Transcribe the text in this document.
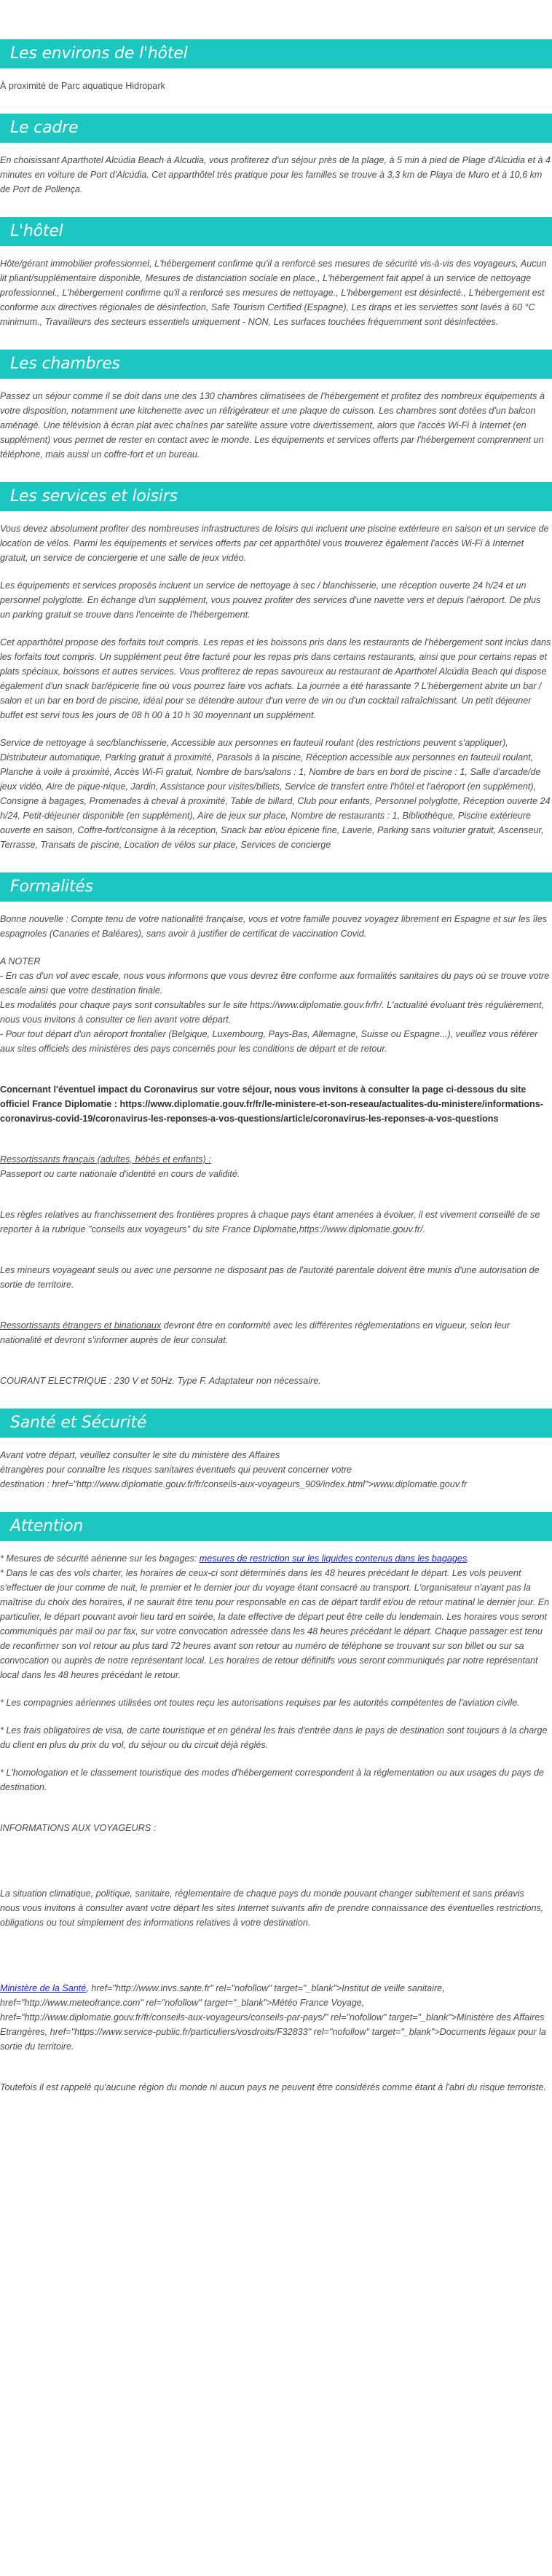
Les environs de l'hôtel

À proximité de Parc aquatique Hidropark

Le cadre

En choisissant Aparthotel Alcúdia Beach à Alcudia, vous profiterez d'un séjour près de la plage, à 5 min à pied de Plage d'Alcúdia et à 4 minutes en voiture de Port d'Alcúdia. Cet apparthôtel très pratique pour les familles se trouve à 3,3 km de Playa de Muro et à 10,6 km de Port de Pollença.

L'hôtel

Hôte/gérant immobilier professionnel, L'hébergement confirme qu'il a renforcé ses mesures de sécurité vis-à-vis des voyageurs, Aucun lit pliant/supplémentaire disponible, Mesures de distanciation sociale en place., L'hébergement fait appel à un service de nettoyage professionnel., L'hébergement confirme qu'il a renforcé ses mesures de nettoyage., L'hébergement est désinfecté., L'hébergement est conforme aux directives régionales de désinfection, Safe Tourism Certified (Espagne), Les draps et les serviettes sont lavés à 60 °C minimum., Travailleurs des secteurs essentiels uniquement - NON, Les surfaces touchées fréquemment sont désinfectées.

Les chambres

Passez un séjour comme il se doit dans une des 130 chambres climatisées de l'hébergement et profitez des nombreux équipements à votre disposition, notamment une kitchenette avec un réfrigérateur et une plaque de cuisson. Les chambres sont dotées d'un balcon aménagé. Une télévision à écran plat avec chaînes par satellite assure votre divertissement, alors que l'accès Wi-Fi à Internet (en supplément) vous permet de rester en contact avec le monde. Les équipements et services offerts par l'hébergement comprennent un téléphone, mais aussi un coffre-fort et un bureau.

Les services et loisirs

Vous devez absolument profiter des nombreuses infrastructures de loisirs qui incluent une piscine extérieure en saison et un service de location de vélos. Parmi les équipements et services offerts par cet apparthôtel vous trouverez également l'accès Wi-Fi à Internet gratuit, un service de conciergerie et une salle de jeux vidéo.

Les équipements et services proposés incluent un service de nettoyage à sec / blanchisserie, une réception ouverte 24 h/24 et un personnel polyglotte. En échange d'un supplément, vous pouvez profiter des services d'une navette vers et depuis l'aéroport. De plus un parking gratuit se trouve dans l'enceinte de l'hébergement.

Cet apparthôtel propose des forfaits tout compris. Les repas et les boissons pris dans les restaurants de l'hébergement sont inclus dans les forfaits tout compris. Un supplément peut être facturé pour les repas pris dans certains restaurants, ainsi que pour certains repas et plats spéciaux, boissons et autres services. Vous profiterez de repas savoureux au restaurant de Aparthotel Alcúdia Beach qui dispose également d'un snack bar/épicerie fine où vous pourrez faire vos achats. La journée a été harassante ? L'hébergement abrite un bar / salon et un bar en bord de piscine, idéal pour se détendre autour d'un verre de vin ou d'un cocktail rafraîchissant. Un petit déjeuner buffet est servi tous les jours de 08 h 00 à 10 h 30 moyennant un supplément.

Service de nettoyage à sec/blanchisserie, Accessible aux personnes en fauteuil roulant (des restrictions peuvent s'appliquer), Distributeur automatique, Parking gratuit à proximité, Parasols à la piscine, Réception accessible aux personnes en fauteuil roulant, Planche à voile à proximité, Accès Wi-Fi gratuit, Nombre de bars/salons : 1, Nombre de bars en bord de piscine : 1, Salle d'arcade/de jeux vidéo, Aire de pique-nique, Jardin, Assistance pour visites/billets, Service de transfert entre l'hôtel et l'aéroport (en supplément), Consigne à bagages, Promenades à cheval à proximité, Table de billard, Club pour enfants, Personnel polyglotte, Réception ouverte 24 h/24, Petit-déjeuner disponible (en supplément), Aire de jeux sur place, Nombre de restaurants : 1, Bibliothèque, Piscine extérieure ouverte en saison, Coffre-fort/consigne à la réception, Snack bar et/ou épicerie fine, Laverie, Parking sans voiturier gratuit, Ascenseur, Terrasse, Transats de piscine, Location de vélos sur place, Services de concierge

Formalités

Bonne nouvelle : Compte tenu de votre nationalité française, vous et votre famille pouvez voyagez librement en Espagne et sur les îles espagnoles (Canaries et Baléares), sans avoir à justifier de certificat de vaccination Covid.

A NOTER

- En cas d'un vol avec escale, nous vous informons que vous devrez être conforme aux formalités sanitaires du pays où se trouve votre escale ainsi que votre destination finale.

Les modalités pour chaque pays sont consultables sur le site https://www.diplomatie.gouv.fr/fr/. L'actualité évoluant très régulièrement, nous vous invitons à consulter ce lien avant votre départ.

- Pour tout départ d'un aéroport frontalier (Belgique, Luxembourg, Pays-Bas, Allemagne, Suisse ou Espagne...), veuillez vous référer aux sites officiels des ministères des pays concernés pour les conditions de départ et de retour.

Concernant l'éventuel impact du Coronavirus sur votre séjour, nous vous invitons à consulter la page ci-dessous du site officiel France Diplomatie : https://www.diplomatie.gouv.fr/fr/le-ministere-et-son-reseau/actualites-du-ministere/informations-coronavirus-covid-19/coronavirus-les-reponses-a-vos-questions/article/coronavirus-les-reponses-a-vos-questions

Ressortissants français (adultes, bébés et enfants) :

Passeport ou carte nationale d'identité en cours de validité.

Les règles relatives au franchissement des frontières propres à chaque pays étant amenées à évoluer, il est vivement conseillé de se reporter à la rubrique "conseils aux voyageurs" du site France Diplomatie,https://www.diplomatie.gouv.fr/.

Les mineurs voyageant seuls ou avec une personne ne disposant pas de l'autorité parentale doivent être munis d'une autorisation de sortie de territoire.

Ressortissants étrangers et binationaux devront être en conformité avec les différentes réglementations en vigueur, selon leur nationalité et devront s'informer auprès de leur consulat.

COURANT ELECTRIQUE : 230 V et 50Hz. Type F. Adaptateur non nécessaire.

Santé et Sécurité

Avant votre départ, veuillez consulter le site du ministère des Affaires

étrangères pour connaître les risques sanitaires éventuels qui peuvent concerner votre

destination : href="http://www.diplomatie.gouv.fr/fr/conseils-aux-voyageurs_909/index.html">www.diplomatie.gouv.fr

Attention

* Mesures de sécurité aérienne sur les bagages: mesures de restriction sur les liquides contenus dans les bagages.

* Dans le cas des vols charter, les horaires de ceux-ci sont déterminés dans les 48 heures précédant le départ. Les vols peuvent s'effectuer de jour comme de nuit, le premier et le dernier jour du voyage étant consacré au transport. L'organisateur n'ayant pas la maîtrise du choix des horaires, il ne saurait être tenu pour responsable en cas de départ tardif et/ou de retour matinal le dernier jour. En particulier, le départ pouvant avoir lieu tard en soirée, la date effective de départ peut être celle du lendemain. Les horaires vous seront communiqués par mail ou par fax, sur votre convocation adressée dans les 48 heures précédant le départ. Chaque passager est tenu de reconfirmer son vol retour au plus tard 72 heures avant son retour au numéro de téléphone se trouvant sur son billet ou sur sa convocation ou auprès de notre représentant local. Les horaires de retour définitifs vous seront communiqués par notre représentant local dans les 48 heures précédant le retour.

* Les compagnies aériennes utilisées ont toutes reçu les autorisations requises par les autorités compétentes de l'aviation civile.

* Les frais obligatoires de visa, de carte touristique et en général les frais d'entrée dans le pays de destination sont toujours à la charge du client en plus du prix du vol, du séjour ou du circuit déjà réglés.

* L'homologation et le classement touristique des modes d'hébergement correspondent à la réglementation ou aux usages du pays de destination.

INFORMATIONS AUX VOYAGEURS :

La situation climatique, politique, sanitaire, réglementaire de chaque pays du monde pouvant changer subitement et sans préavis

nous vous invitons à consulter avant votre départ les sites Internet suivants afin de prendre connaissance des éventuelles restrictions, obligations ou tout simplement des informations relatives à votre destination.

Ministère de la Santé, href="http://www.invs.sante.fr" rel="nofollow" target="_blank">Institut de veille sanitaire, href="http://www.meteofrance.com" rel="nofollow" target="_blank">Météo France Voyage, href="http://www.diplomatie.gouv.fr/fr/conseils-aux-voyageurs/conseils-par-pays/" rel="nofollow" target="_blank">Ministère des Affaires Etrangères, href="https://www.service-public.fr/particuliers/vosdroits/F32833" rel="nofollow" target="_blank">Documents légaux pour la sortie du territoire.

Toutefois il est rappelé qu'aucune région du monde ni aucun pays ne peuvent être considérés comme étant à l'abri du risque terroriste.
